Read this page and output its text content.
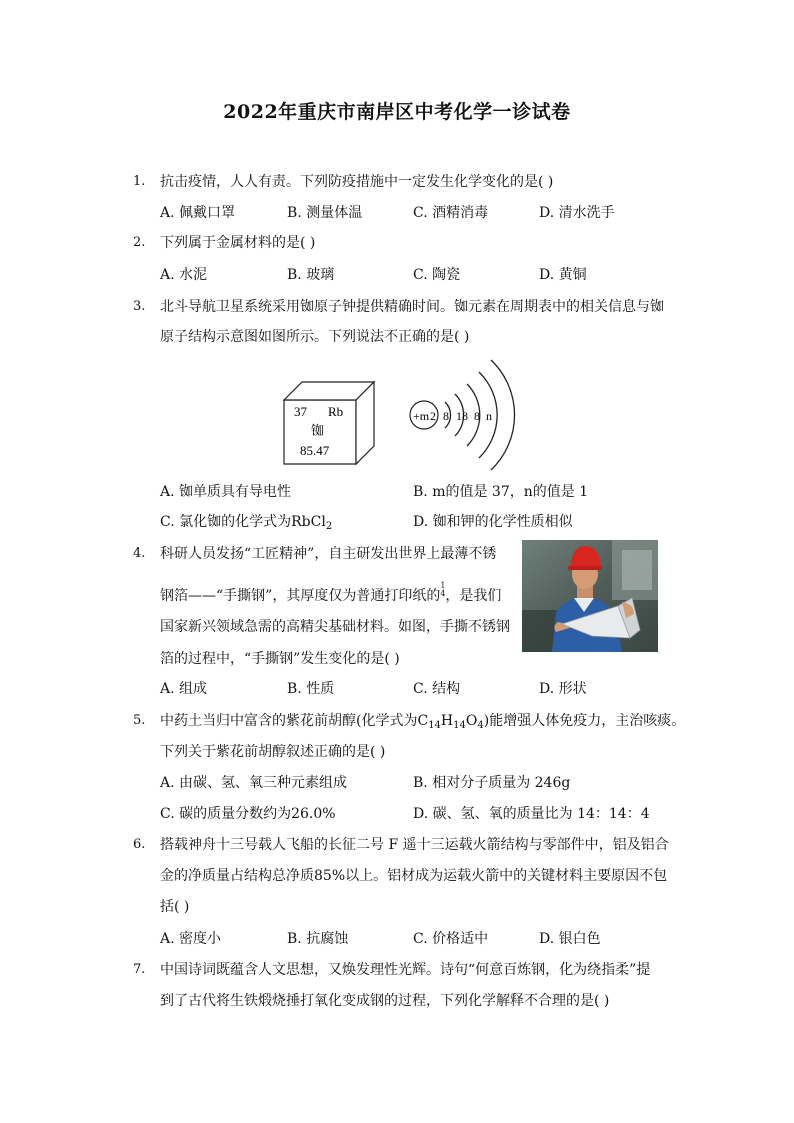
2022年重庆市南岸区中考化学一诊试卷
1. 抗击疫情，人人有责。下列防疫措施中一定发生化学变化的是( )
A. 佩戴口罩	B. 测量体温	C. 酒精消毒	D. 清水洗手
2. 下列属于金属材料的是( )
A. 水泥	B. 玻璃	C. 陶瓷	D. 黄铜
3. 北斗导航卫星系统采用铷原子钟提供精确时间。铷元素在周期表中的相关信息与铷
原子结构示意图如图所示。下列说法不正确的是( )
37 Rb
铷
85.47
+m 2 8 18 8 n
A. 铷单质具有导电性	B. m的值是 37，n的值是 1
C. 氯化铷的化学式为RbCl$_2$	D. 铷和钾的化学性质相似
4. 科研人员发扬“工匠精神”，自主研发出世界上最薄不锈
钢箔——“手撕钢”，其厚度仅为普通打印纸的
1
4 ，是我们
国家新兴领域急需的高精尖基础材料。如图，手撕不锈钢
箔的过程中，“手撕钢”发生变化的是( )
A. 组成	B. 性质	C. 结构	D. 形状
5. 中药土当归中富含的紫花前胡醇(化学式为$C_{14}H_{14}O_4$)能增强人体免疫力，主治咳痰。
下列关于紫花前胡醇叙述正确的是( )
A. 由碳、氢、氧三种元素组成	B. 相对分子质量为 246g
C. 碳的质量分数约为26.0%	D. 碳、氢、氧的质量比为 14：14：4
6. 搭载神舟十三号载人飞船的长征二号 F 遥十三运载火箭结构与零部件中，铝及铝合
金的净质量占结构总净质85%以上。铝材成为运载火箭中的关键材料主要原因不包
括( )
A. 密度小	B. 抗腐蚀	C. 价格适中	D. 银白色
7. 中国诗词既蕴含人文思想，又焕发理性光辉。诗句“何意百炼钢，化为绕指柔”提
到了古代将生铁煅烧捶打氧化变成钢的过程，下列化学解释不合理的是( )
